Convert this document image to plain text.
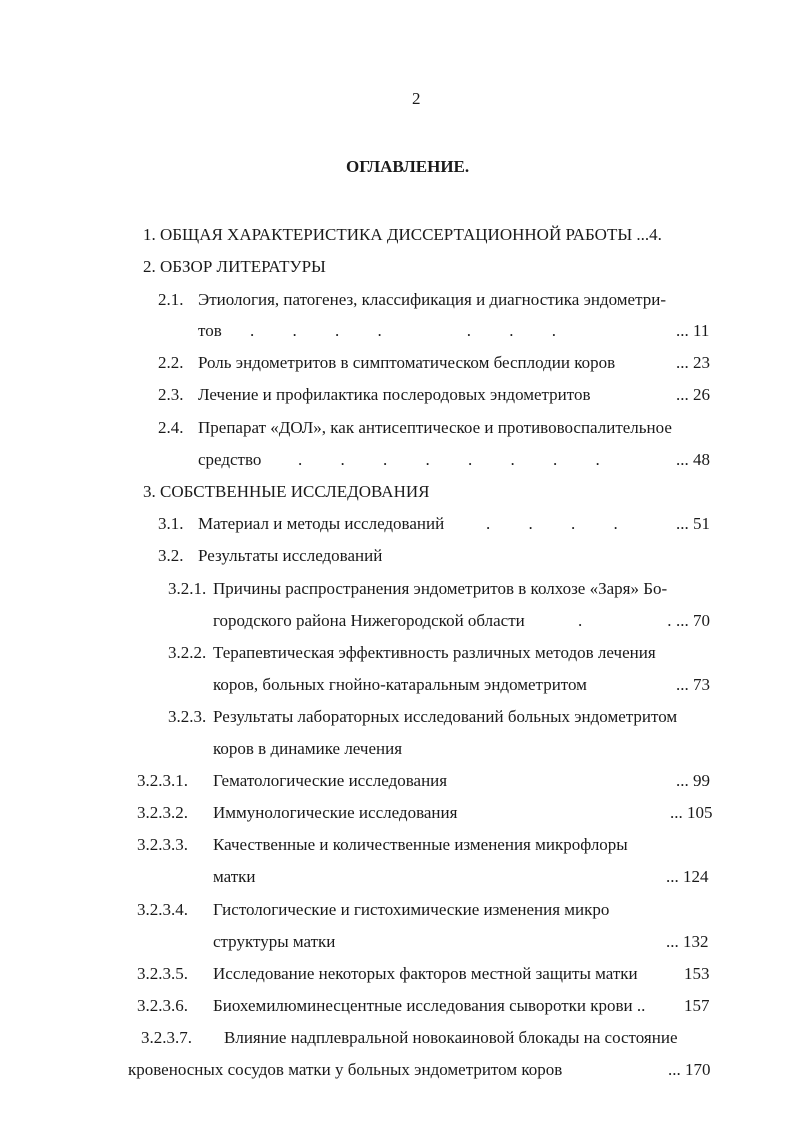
2
ОГЛАВЛЕНИЕ.
1. ОБЩАЯ ХАРАКТЕРИСТИКА ДИССЕРТАЦИОННОЙ РАБОТЫ ...4.
2. ОБЗОР ЛИТЕРАТУРЫ
2.1. Этиология, патогенез, классификация и диагностика эндометри-
тов .         .         .         .                    .         .         .	... 11
2.2. Роль эндометритов в симптоматическом бесплодии коров	... 23
2.3. Лечение и профилактика послеродовых эндометритов	... 26
2.4. Препарат «ДОЛ», как антисептическое и противовоспалительное
средство .         .         .         .         .         .         .         .	... 48
3. СОБСТВЕННЫЕ ИССЛЕДОВАНИЯ
3.1. Материал и методы исследований .         .         .         .	... 51
3.2. Результаты исследований
3.2.1. Причины распространения эндометритов в колхозе «Заря» Бо-
городского района Нижегородской области	.                    . ... 70
3.2.2. Терапевтическая эффективность различных методов лечения
коров, больных гнойно-катаральным эндометритом	... 73
3.2.3. Результаты лабораторных исследований больных эндометритом
коров в динамике лечения
3.2.3.1. Гематологические исследования	... 99
3.2.3.2. Иммунологические исследования	... 105
3.2.3.3. Качественные и количественные изменения микрофлоры
матки	... 124
3.2.3.4. Гистологические и гистохимические изменения микро
структуры матки	... 132
3.2.3.5. Исследование некоторых факторов местной защиты матки	153
3.2.3.6. Биохемилюминесцентные исследования сыворотки крови .. 157
3.2.3.7. Влияние надплевральной новокаиновой блокады на состояние
кровеносных сосудов матки у больных эндометритом коров	... 170
